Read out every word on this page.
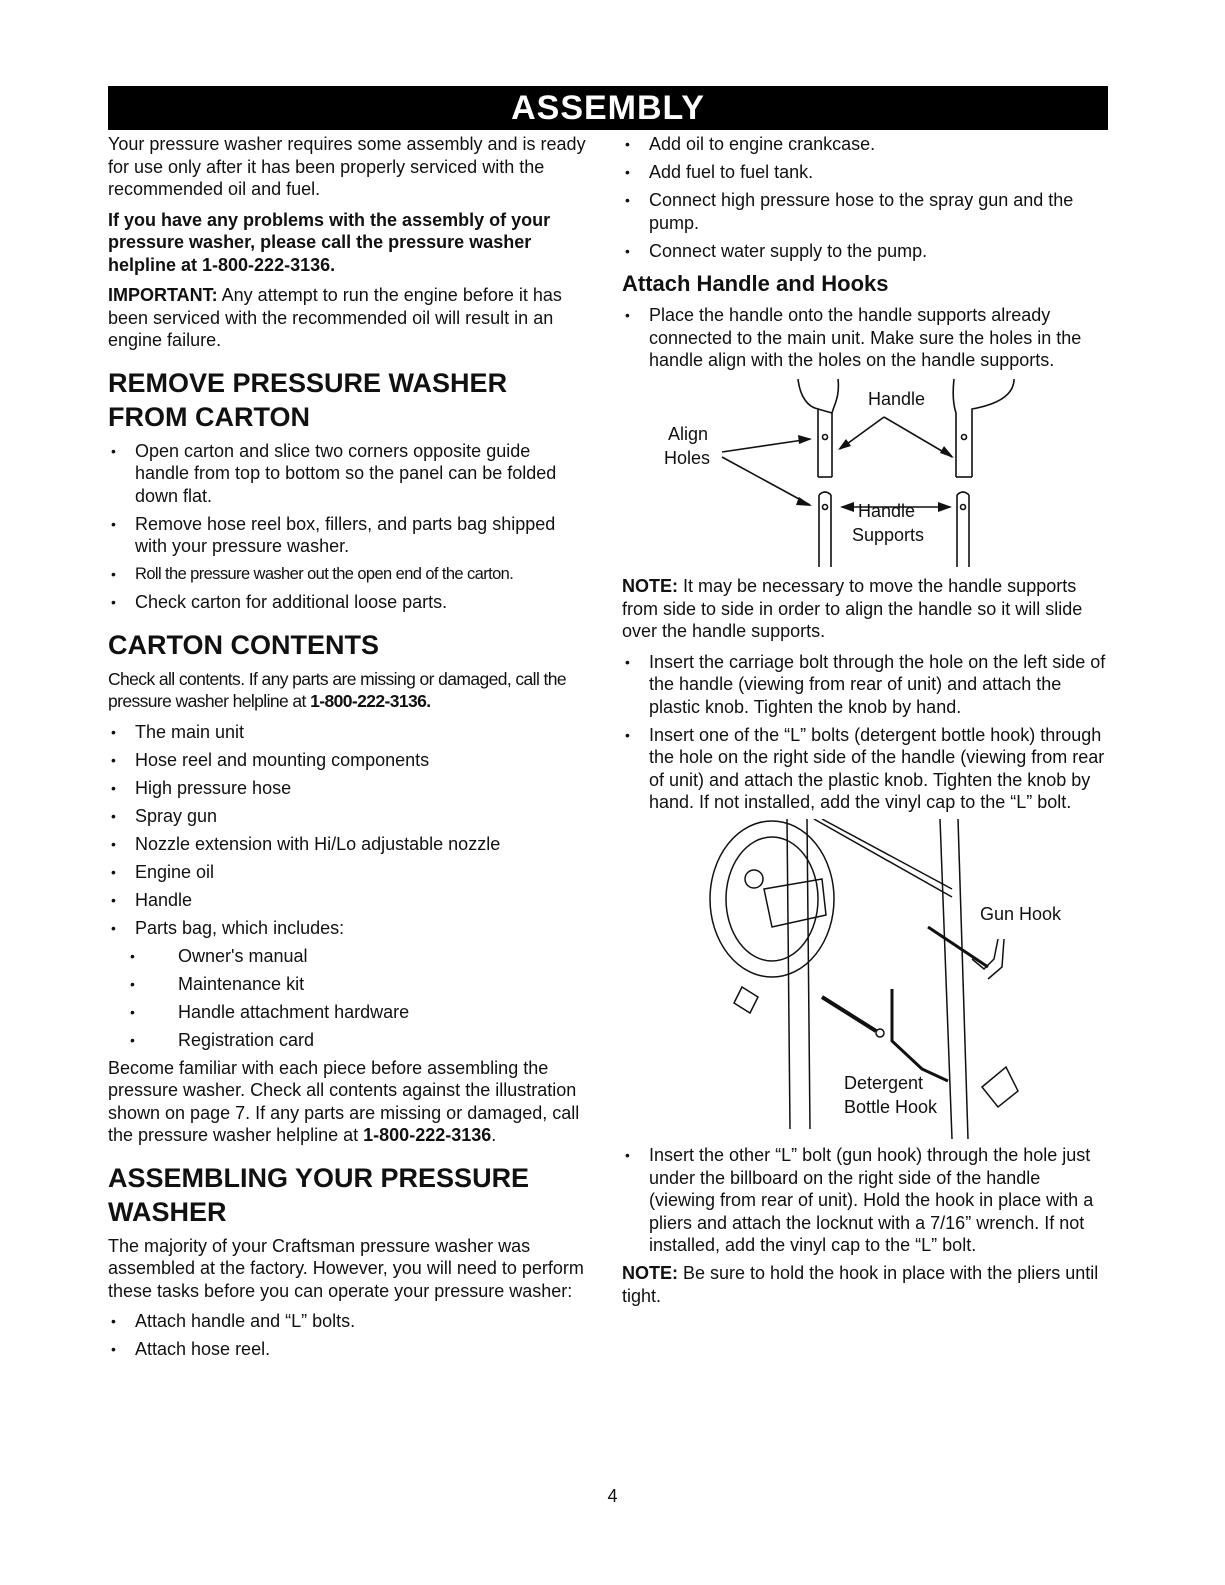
ASSEMBLY

Your pressure washer requires some assembly and is ready for use only after it has been properly serviced with the recommended oil and fuel.

If you have any problems with the assembly of your pressure washer, please call the pressure washer helpline at 1-800-222-3136.

IMPORTANT: Any attempt to run the engine before it has been serviced with the recommended oil will result in an engine failure.

REMOVE PRESSURE WASHER FROM CARTON
• Open carton and slice two corners opposite guide handle from top to bottom so the panel can be folded down flat.
• Remove hose reel box, fillers, and parts bag shipped with your pressure washer.
• Roll the pressure washer out the open end of the carton.
• Check carton for additional loose parts.
CARTON CONTENTS

Check all contents. If any parts are missing or damaged, call the pressure washer helpline at 1-800-222-3136.

• The main unit
• Hose reel and mounting components
• High pressure hose
• Spray gun
• Nozzle extension with Hi/Lo adjustable nozzle
• Engine oil
• Handle
• Parts bag, which includes:
• Owner's manual
• Maintenance kit
• Handle attachment hardware
• Registration card

Become familiar with each piece before assembling the pressure washer. Check all contents against the illustration shown on page 7. If any parts are missing or damaged, call the pressure washer helpline at 1-800-222-3136.

ASSEMBLING YOUR PRESSURE WASHER

The majority of your Craftsman pressure washer was assembled at the factory. However, you will need to perform these tasks before you can operate your pressure washer:

• Attach handle and “L” bolts.
• Attach hose reel.
• Add oil to engine crankcase.
• Add fuel to fuel tank.
• Connect high pressure hose to the spray gun and the pump.
• Connect water supply to the pump.
Attach Handle and Hooks
• Place the handle onto the handle supports already connected to the main unit. Make sure the holes in the handle align with the holes on the handle supports.
Handle
Align
Holes
Handle
Supports

NOTE: It may be necessary to move the handle supports from side to side in order to align the handle so it will slide over the handle supports.

• Insert the carriage bolt through the hole on the left side of the handle (viewing from rear of unit) and attach the plastic knob. Tighten the knob by hand.
• Insert one of the “L” bolts (detergent bottle hook) through the hole on the right side of the handle (viewing from rear of unit) and attach the plastic knob. Tighten the knob by hand. If not installed, add the vinyl cap to the “L” bolt.
Gun Hook
Detergent
Bottle Hook
• Insert the other “L” bolt (gun hook) through the hole just under the billboard on the right side of the handle (viewing from rear of unit). Hold the hook in place with a pliers and attach the locknut with a 7/16” wrench. If not installed, add the vinyl cap to the “L” bolt.

NOTE: Be sure to hold the hook in place with the pliers until tight.

4
